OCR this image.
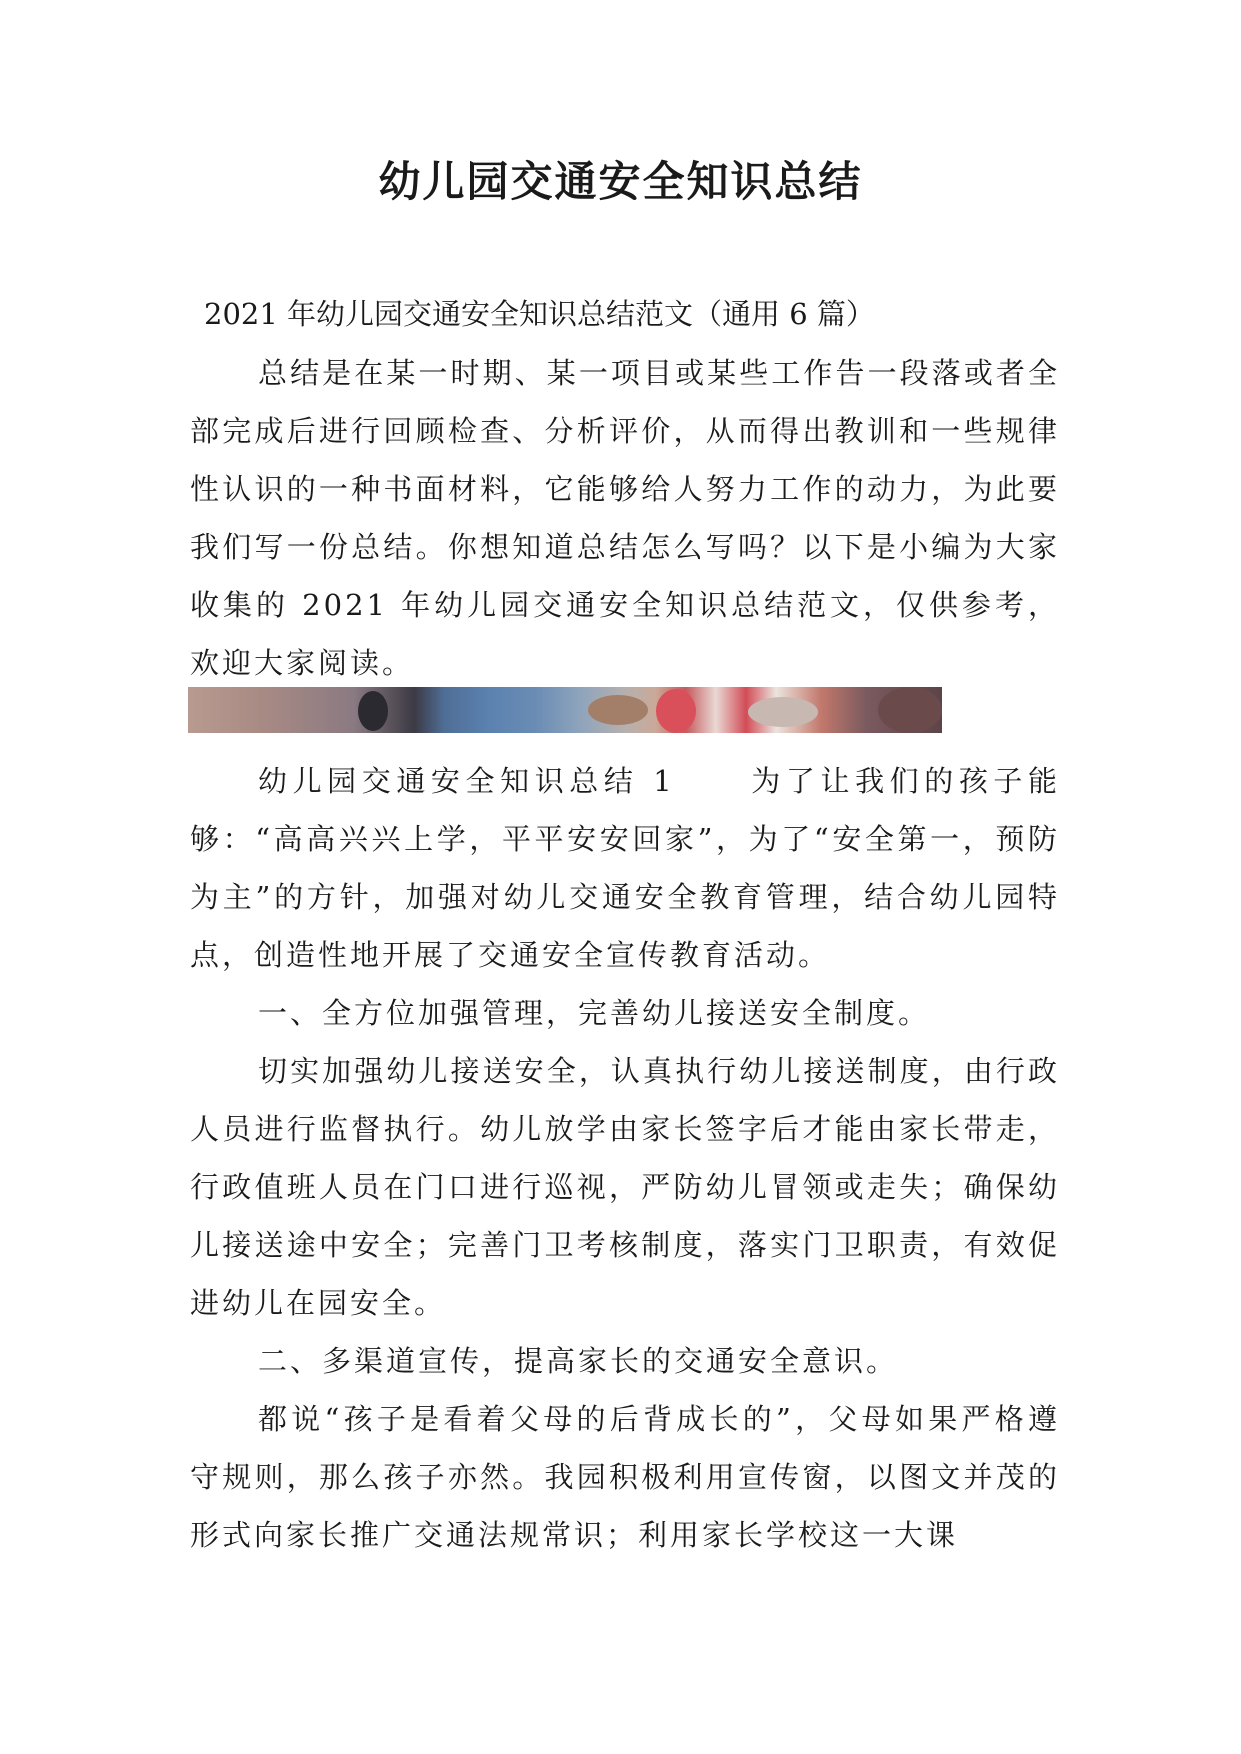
幼儿园交通安全知识总结

2021 年幼儿园交通安全知识总结范文（通用 6 篇）

总结是在某一时期、某一项目或某些工作告一段落或者全部完成后进行回顾检查、分析评价，从而得出教训和一些规律性认识的一种书面材料，它能够给人努力工作的动力，为此要我们写一份总结。你想知道总结怎么写吗？以下是小编为大家收集的 2021 年幼儿园交通安全知识总结范文，仅供参考，欢迎大家阅读。

幼儿园交通安全知识总结 1	为了让我们的孩子能够：“高高兴兴上学，平平安安回家”，为了“安全第一，预防为主”的方针，加强对幼儿交通安全教育管理，结合幼儿园特点，创造性地开展了交通安全宣传教育活动。

一、全方位加强管理，完善幼儿接送安全制度。

切实加强幼儿接送安全，认真执行幼儿接送制度，由行政人员进行监督执行。幼儿放学由家长签字后才能由家长带走，行政值班人员在门口进行巡视，严防幼儿冒领或走失；确保幼儿接送途中安全；完善门卫考核制度，落实门卫职责，有效促进幼儿在园安全。

二、多渠道宣传，提高家长的交通安全意识。

都说“孩子是看着父母的后背成长的”，父母如果严格遵守规则，那么孩子亦然。我园积极利用宣传窗，以图文并茂的形式向家长推广交通法规常识；利用家长学校这一大课
